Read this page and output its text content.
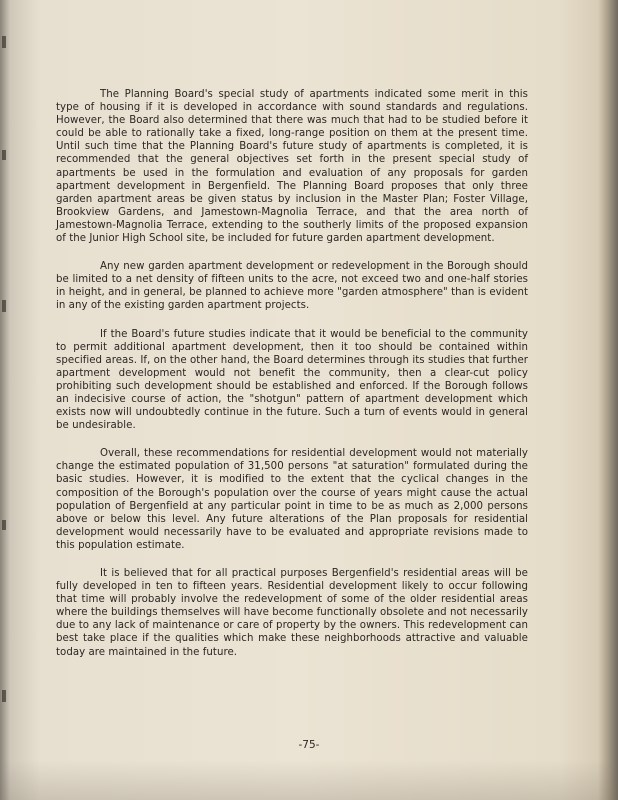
The Planning Board's special study of apartments indicated some merit in this type of housing if it is developed in accordance with sound standards and regulations. However, the Board also determined that there was much that had to be studied before it could be able to rationally take a fixed, long-range position on them at the present time. Until such time that the Planning Board's future study of apartments is completed, it is recommended that the general objectives set forth in the present special study of apartments be used in the formulation and evaluation of any proposals for garden apartment development in Bergenfield. The Planning Board proposes that only three garden apartment areas be given status by inclusion in the Master Plan; Foster Village, Brookview Gardens, and Jamestown-Magnolia Terrace, and that the area north of Jamestown-Magnolia Terrace, extending to the southerly limits of the proposed expansion of the Junior High School site, be included for future garden apartment development.

Any new garden apartment development or redevelopment in the Borough should be limited to a net density of fifteen units to the acre, not exceed two and one-half stories in height, and in general, be planned to achieve more "garden atmosphere" than is evident in any of the existing garden apartment projects.

If the Board's future studies indicate that it would be beneficial to the community to permit additional apartment development, then it too should be contained within specified areas. If, on the other hand, the Board determines through its studies that further apartment development would not benefit the community, then a clear-cut policy prohibiting such development should be established and enforced. If the Borough follows an indecisive course of action, the "shotgun" pattern of apartment development which exists now will undoubtedly continue in the future. Such a turn of events would in general be undesirable.

Overall, these recommendations for residential development would not materially change the estimated population of 31,500 persons "at saturation" formulated during the basic studies. However, it is modified to the extent that the cyclical changes in the composition of the Borough's population over the course of years might cause the actual population of Bergenfield at any particular point in time to be as much as 2,000 persons above or below this level. Any future alterations of the Plan proposals for residential development would necessarily have to be evaluated and appropriate revisions made to this population estimate.

It is believed that for all practical purposes Bergenfield's residential areas will be fully developed in ten to fifteen years. Residential development likely to occur following that time will probably involve the redevelopment of some of the older residential areas where the buildings themselves will have become functionally obsolete and not necessarily due to any lack of maintenance or care of property by the owners. This redevelopment can best take place if the qualities which make these neighborhoods attractive and valuable today are maintained in the future.

-75-
